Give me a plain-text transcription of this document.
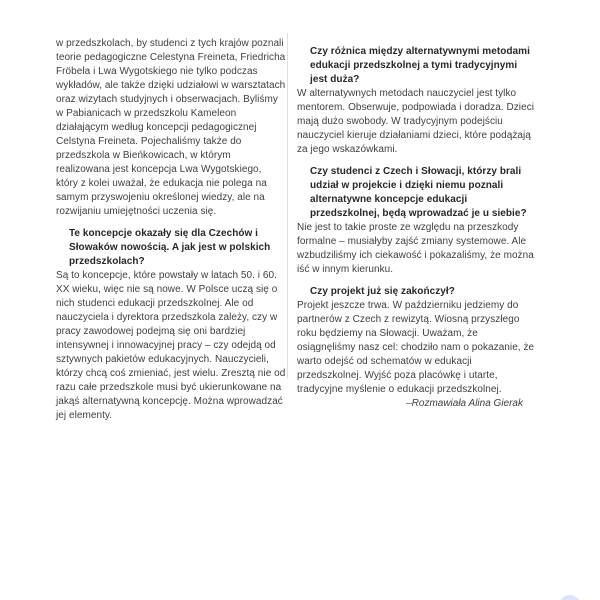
w przedszkolach, by studenci z tych krajów poznali teorie pedagogiczne Celestyna Freineta, Friedricha Fröbela i Lwa Wygotskiego nie tylko podczas wykładów, ale także dzięki udziałowi w warsztatach oraz wizytach studyjnych i obserwacjach. Byliśmy w Pabianicach w przedszkolu Kameleon działającym według koncepcji pedagogicznej Celstyna Freineta. Pojechaliśmy także do przedszkola w Bieńkowicach, w którym realizowana jest koncepcja Lwa Wygotskiego, który z kolei uważał, że edukacja nie polega na samym przyswojeniu określonej wiedzy, ale na rozwijaniu umiejętności uczenia się.

Te koncepcje okazały się dla Czechów i Słowaków nowością. A jak jest w polskich przedszkolach?

Są to koncepcje, które powstały w latach 50. i 60. XX wieku, więc nie są nowe. W Polsce uczą się o nich studenci edukacji przedszkolnej. Ale od nauczyciela i dyrektora przedszkola zależy, czy w pracy zawodowej podejmą się oni bardziej intensywnej i innowacyjnej pracy – czy odejdą od sztywnych pakietów edukacyjnych. Nauczycieli, którzy chcą coś zmieniać, jest wielu. Zresztą nie od razu całe przedszkole musi być ukierunkowane na jakąś alternatywną koncepcję. Można wprowadzać jej elementy.

Czy różnica między alternatywnymi metodami edukacji przedszkolnej a tymi tradycyjnymi jest duża?

W alternatywnych metodach nauczyciel jest tylko mentorem. Obserwuje, podpowiada i doradza. Dzieci mają dużo swobody. W tradycyjnym podejściu nauczyciel kieruje działaniami dzieci, które podążają za jego wskazówkami.

Czy studenci z Czech i Słowacji, którzy brali udział w projekcie i dzięki niemu poznali alternatywne koncepcje edukacji przedszkolnej, będą wprowadzać je u siebie?

Nie jest to takie proste ze względu na przeszkody formalne – musiałyby zajść zmiany systemowe. Ale wzbudziliśmy ich ciekawość i pokazaliśmy, że można iść w innym kierunku.

Czy projekt już się zakończył?

Projekt jeszcze trwa. W październiku jedziemy do partnerów z Czech z rewizytą. Wiosną przyszłego roku będziemy na Słowacji. Uważam, że osiągnęliśmy nasz cel: chodziło nam o pokazanie, że warto odejść od schematów w edukacji przedszkolnej. Wyjść poza placówkę i utarte, tradycyjne myślenie o edukacji przedszkolnej.

–Rozmawiała Alina Gierak
